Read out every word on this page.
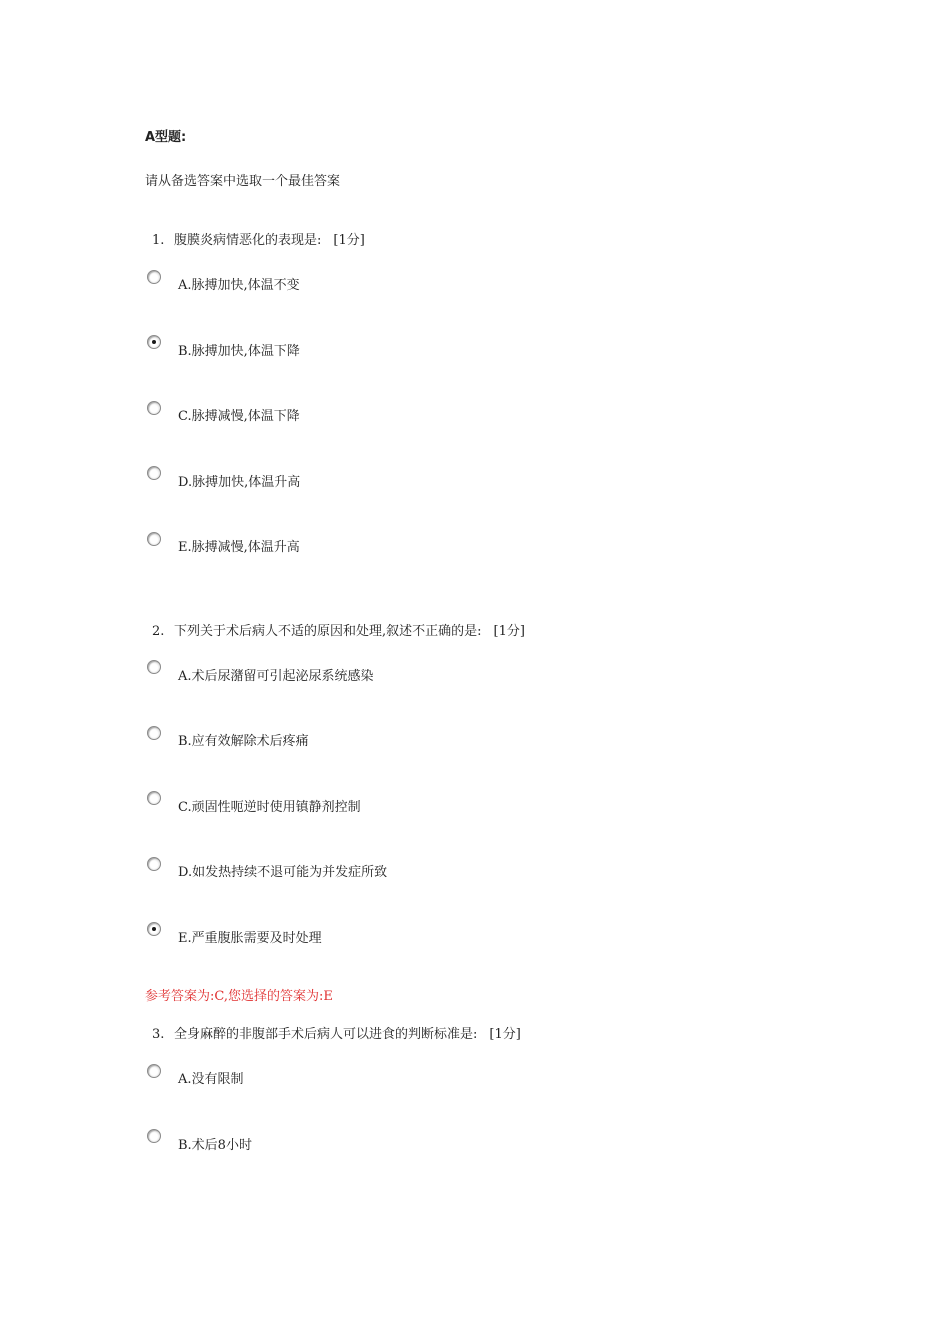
A型题:
请从备选答案中选取一个最佳答案
1. 腹膜炎病情恶化的表现是: [1分]
A.脉搏加快,体温不变
B.脉搏加快,体温下降
C.脉搏减慢,体温下降
D.脉搏加快,体温升高
E.脉搏减慢,体温升高
2. 下列关于术后病人不适的原因和处理,叙述不正确的是: [1分]
A.术后尿潴留可引起泌尿系统感染
B.应有效解除术后疼痛
C.顽固性呃逆时使用镇静剂控制
D.如发热持续不退可能为并发症所致
E.严重腹胀需要及时处理
参考答案为:C,您选择的答案为:E
3. 全身麻醉的非腹部手术后病人可以进食的判断标准是: [1分]
A.没有限制
B.术后8小时
